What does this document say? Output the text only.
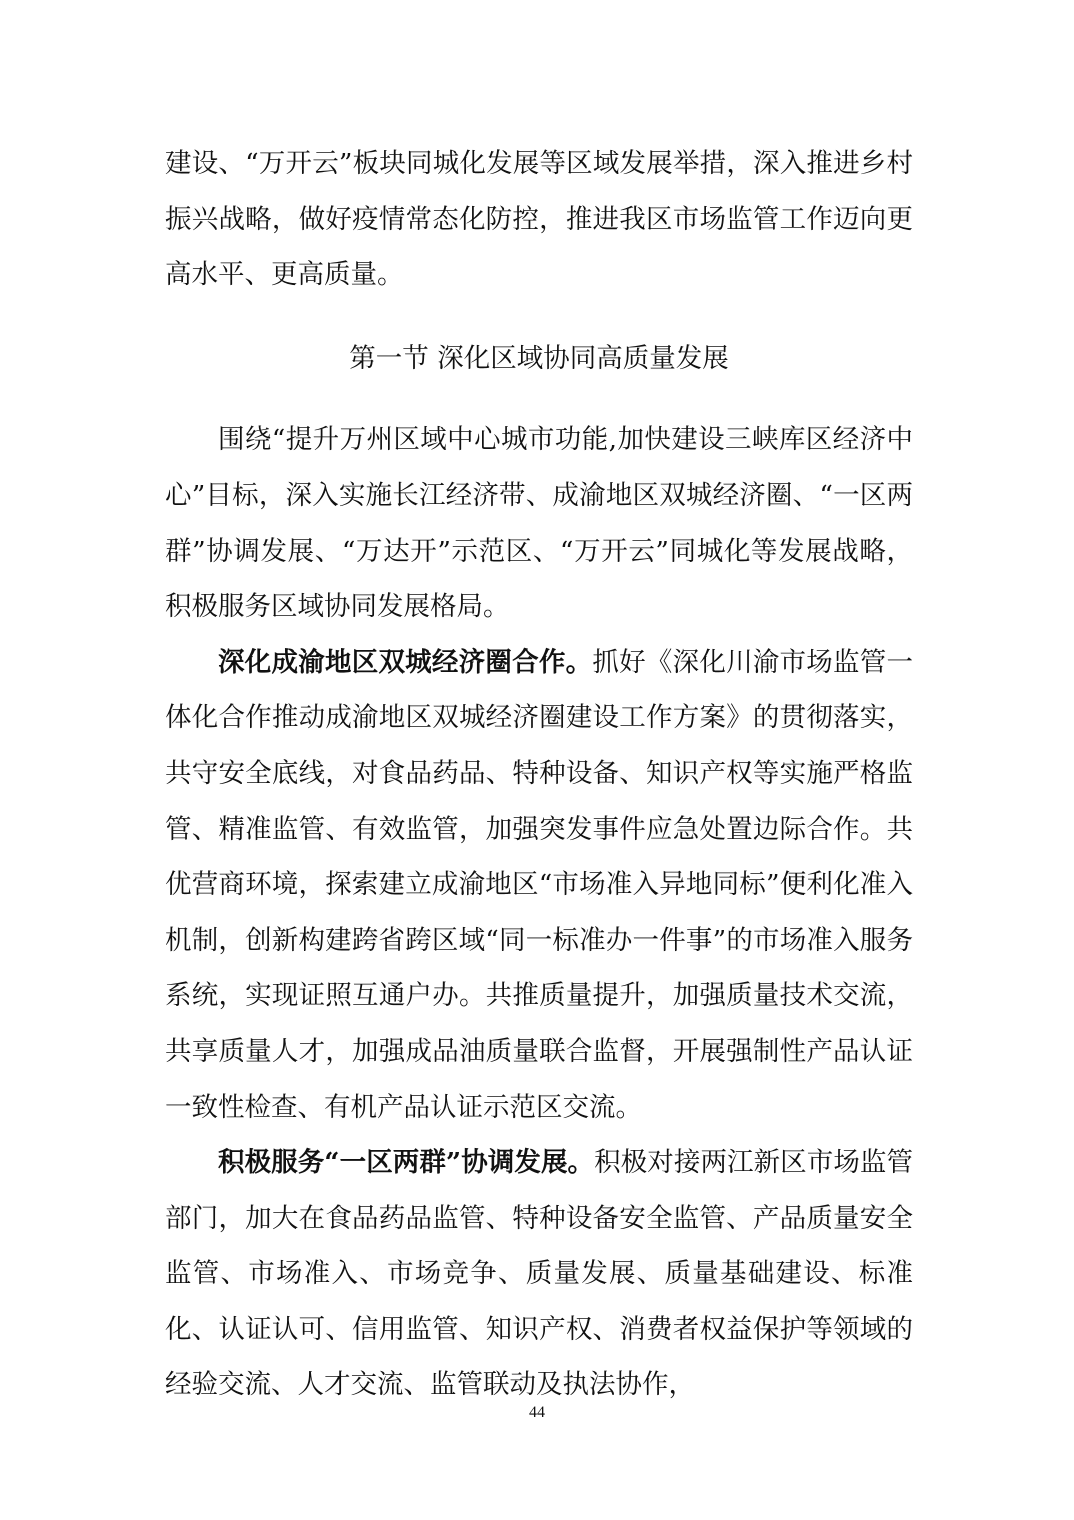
建设、“万开云”板块同城化发展等区域发展举措，深入推进乡村振兴战略，做好疫情常态化防控，推进我区市场监管工作迈向更高水平、更高质量。

第一节 深化区域协同高质量发展

围绕“提升万州区域中心城市功能,加快建设三峡库区经济中心”目标，深入实施长江经济带、成渝地区双城经济圈、“一区两群”协调发展、“万达开”示范区、“万开云”同城化等发展战略，积极服务区域协同发展格局。

深化成渝地区双城经济圈合作。抓好《深化川渝市场监管一体化合作推动成渝地区双城经济圈建设工作方案》的贯彻落实，共守安全底线，对食品药品、特种设备、知识产权等实施严格监管、精准监管、有效监管，加强突发事件应急处置边际合作。共优营商环境，探索建立成渝地区“市场准入异地同标”便利化准入机制，创新构建跨省跨区域“同一标准办一件事”的市场准入服务系统，实现证照互通户办。共推质量提升，加强质量技术交流，共享质量人才，加强成品油质量联合监督，开展强制性产品认证一致性检查、有机产品认证示范区交流。

积极服务“一区两群”协调发展。积极对接两江新区市场监管部门，加大在食品药品监管、特种设备安全监管、产品质量安全监管、市场准入、市场竞争、质量发展、质量基础建设、标准化、认证认可、信用监管、知识产权、消费者权益保护等领域的经验交流、人才交流、监管联动及执法协作，

44
